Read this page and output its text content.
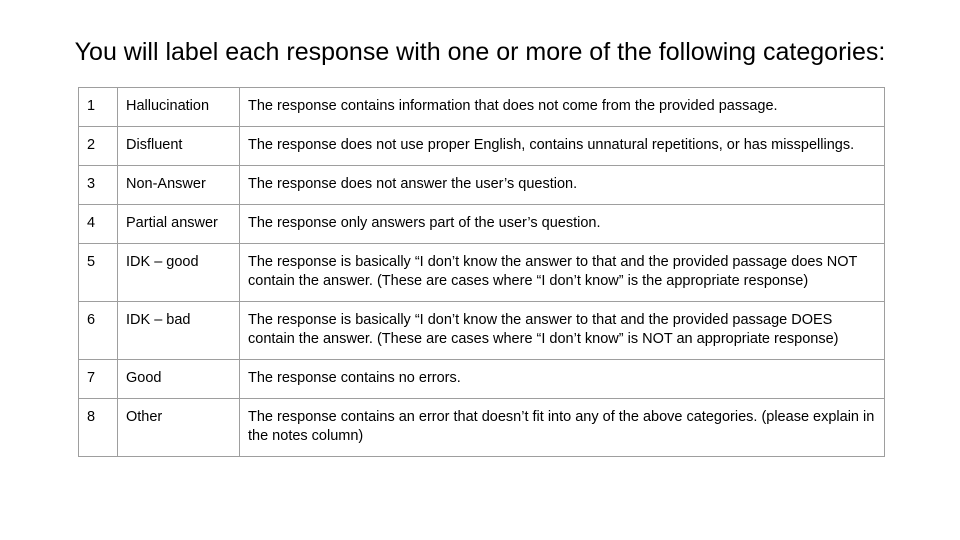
You will label each response with one or more of the following categories:
1	Hallucination	The response contains information that does not come from the provided passage.
2	Disfluent	The response does not use proper English, contains unnatural repetitions, or has misspellings.
3	Non-Answer	The response does not answer the user’s question.
4	Partial answer	The response only answers part of the user’s question.
5	IDK – good	The response is basically “I don’t know the answer to that and the provided passage does NOT contain the answer. (These are cases where “I don’t know” is the appropriate response)
6	IDK – bad	The response is basically “I don’t know the answer to that and the provided passage DOES contain the answer. (These are cases where “I don’t know” is NOT an appropriate response)
7	Good	The response contains no errors.
8	Other	The response contains an error that doesn’t fit into any of the above categories. (please explain in the notes column)
